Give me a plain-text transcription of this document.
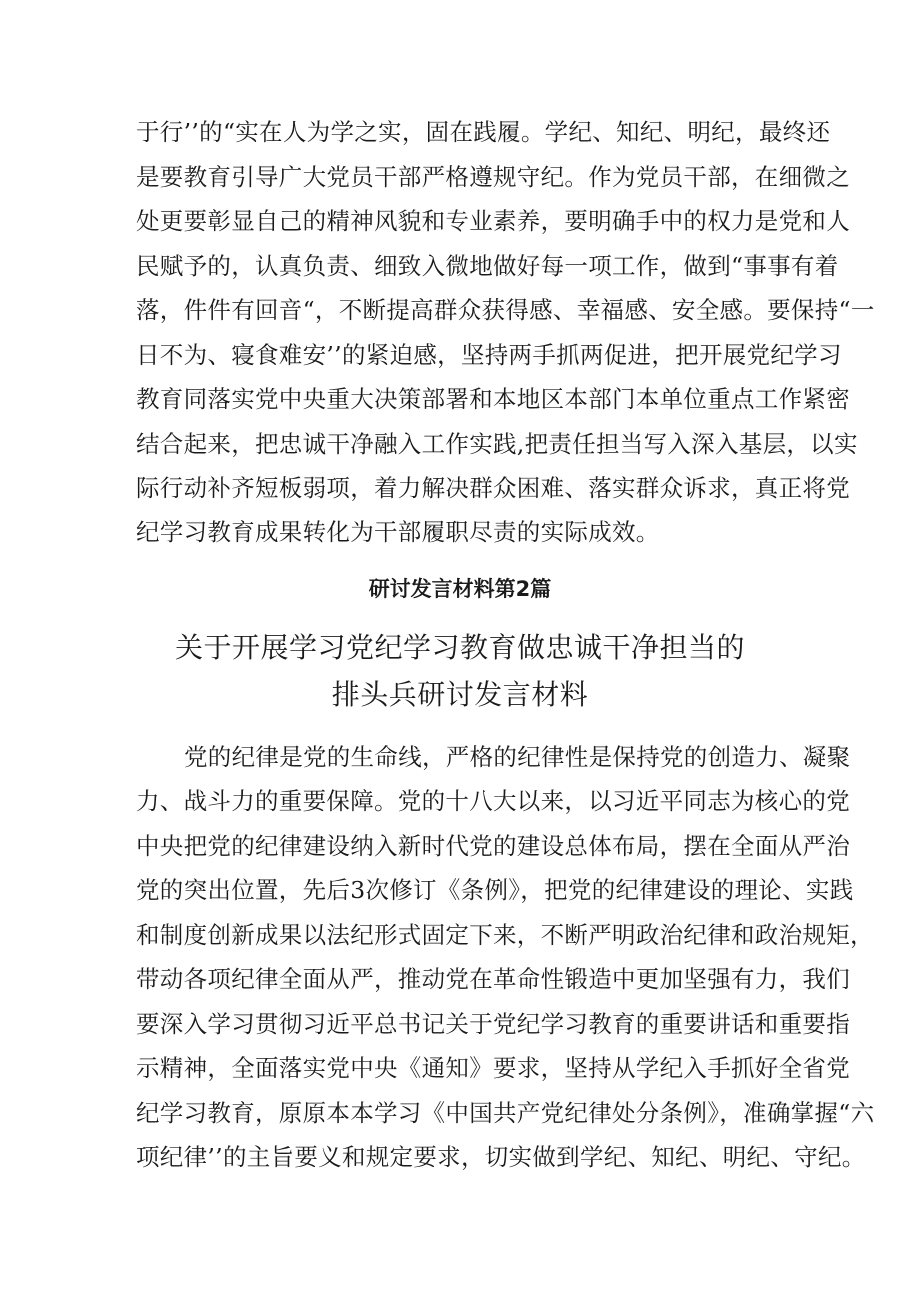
于行’’的“实在人为学之实，固在践履。学纪、知纪、明纪，最终还
是要教育引导广大党员干部严格遵规守纪。作为党员干部，在细微之
处更要彰显自己的精神风貌和专业素养，要明确手中的权力是党和人
民赋予的，认真负责、细致入微地做好每一项工作，做到“事事有着
落，件件有回音“，不断提高群众获得感、幸福感、安全感。要保持“一
日不为、寝食难安’’的紧迫感，坚持两手抓两促进，把开展党纪学习
教育同落实党中央重大决策部署和本地区本部门本单位重点工作紧密
结合起来，把忠诚干净融入工作实践,把责任担当写入深入基层，以实
际行动补齐短板弱项，着力解决群众困难、落实群众诉求，真正将党
纪学习教育成果转化为干部履职尽责的实际成效。
研讨发言材料第2篇
关于开展学习党纪学习教育做忠诚干净担当的
排头兵研讨发言材料
党的纪律是党的生命线，严格的纪律性是保持党的创造力、凝聚
力、战斗力的重要保障。党的十八大以来，以习近平同志为核心的党
中央把党的纪律建设纳入新时代党的建设总体布局，摆在全面从严治
党的突出位置，先后3次修订《条例》，把党的纪律建设的理论、实践
和制度创新成果以法纪形式固定下来，不断严明政治纪律和政治规矩，
带动各项纪律全面从严，推动党在革命性锻造中更加坚强有力，我们
要深入学习贯彻习近平总书记关于党纪学习教育的重要讲话和重要指
示精神，全面落实党中央《通知》要求，坚持从学纪入手抓好全省党
纪学习教育，原原本本学习《中国共产党纪律处分条例》，准确掌握“六
项纪律’’的主旨要义和规定要求，切实做到学纪、知纪、明纪、守纪。
